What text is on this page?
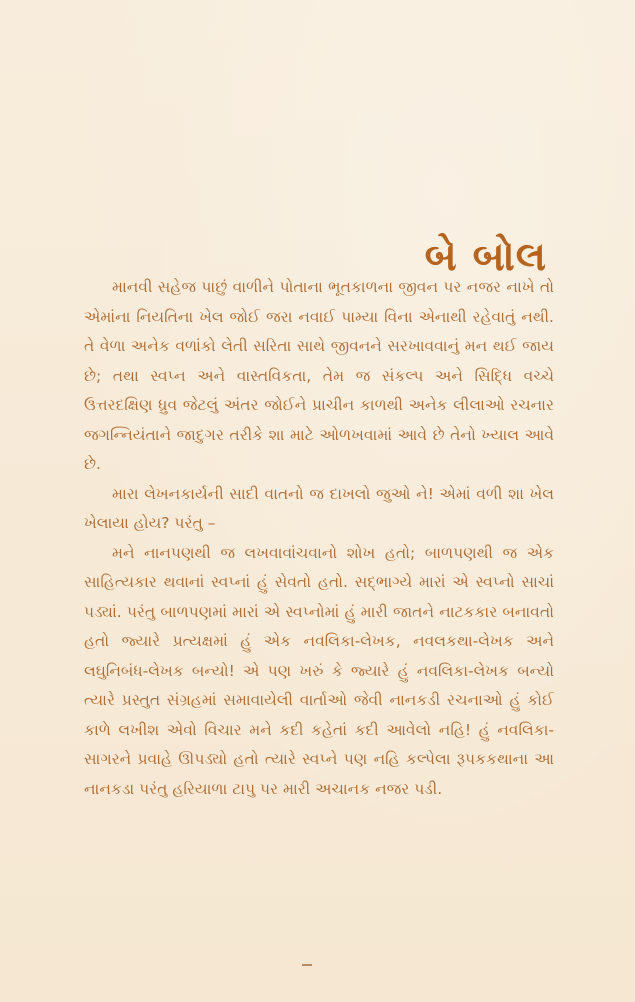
બે બોલ

માનવી સહેજ પાછું વાળીને પોતાના ભૂતકાળના જીવન પર નજર નાખે તો એમાંના નિયતિના ખેલ જોઈ જરા નવાઈ પામ્યા વિના એનાથી રહેવાતું નથી. તે વેળા અનેક વળાંકો લેતી સરિતા સાથે જીવનને સરખાવવાનું મન થઈ જાય છે; તથા સ્વપ્ન અને વાસ્તવિકતા, તેમ જ સંકલ્પ અને સિદ્ધિ વચ્ચે ઉત્તરદક્ષિણ ધ્રુવ જેટલું અંતર જોઈને પ્રાચીન કાળથી અનેક લીલાઓ રચનાર જગન્નિયંતાને જાદુગર તરીકે શા માટે ઓળખવામાં આવે છે તેનો ખ્યાલ આવે છે.

મારા લેખનકાર્યની સાદી વાતનો જ દાખલો જુઓ ને! એમાં વળી શા ખેલ ખેલાયા હોય? પરંતુ –

મને નાનપણથી જ લખવાવાંચવાનો શોખ હતો; બાળપણથી જ એક સાહિત્યકાર થવાનાં સ્વપ્નાં હું સેવતો હતો. સદ્ભાગ્યે મારાં એ સ્વપ્નો સાચાં પડ્યાં. પરંતુ બાળપણમાં મારાં એ સ્વપ્નોમાં હું મારી જાતને નાટકકાર બનાવતો હતો જ્યારે પ્રત્યક્ષમાં હું એક નવલિકા-લેખક, નવલકથા-લેખક અને લઘુનિબંધ-લેખક બન્યો! એ પણ ખરું કે જ્યારે હું નવલિકા-લેખક બન્યો ત્યારે પ્રસ્તુત સંગ્રહમાં સમાવાયેલી વાર્તાઓ જેવી નાનકડી રચનાઓ હું કોઈ કાળે લખીશ એવો વિચાર મને કદી કહેતાં કદી આવેલો નહિ! હું નવલિકા-સાગરને પ્રવાહે ઊપડ્યો હતો ત્યારે સ્વપ્ને પણ નહિ કલ્પેલા રૂપકકથાના આ નાનકડા પરંતુ હરિયાળા ટાપુ પર મારી અચાનક નજર પડી.
